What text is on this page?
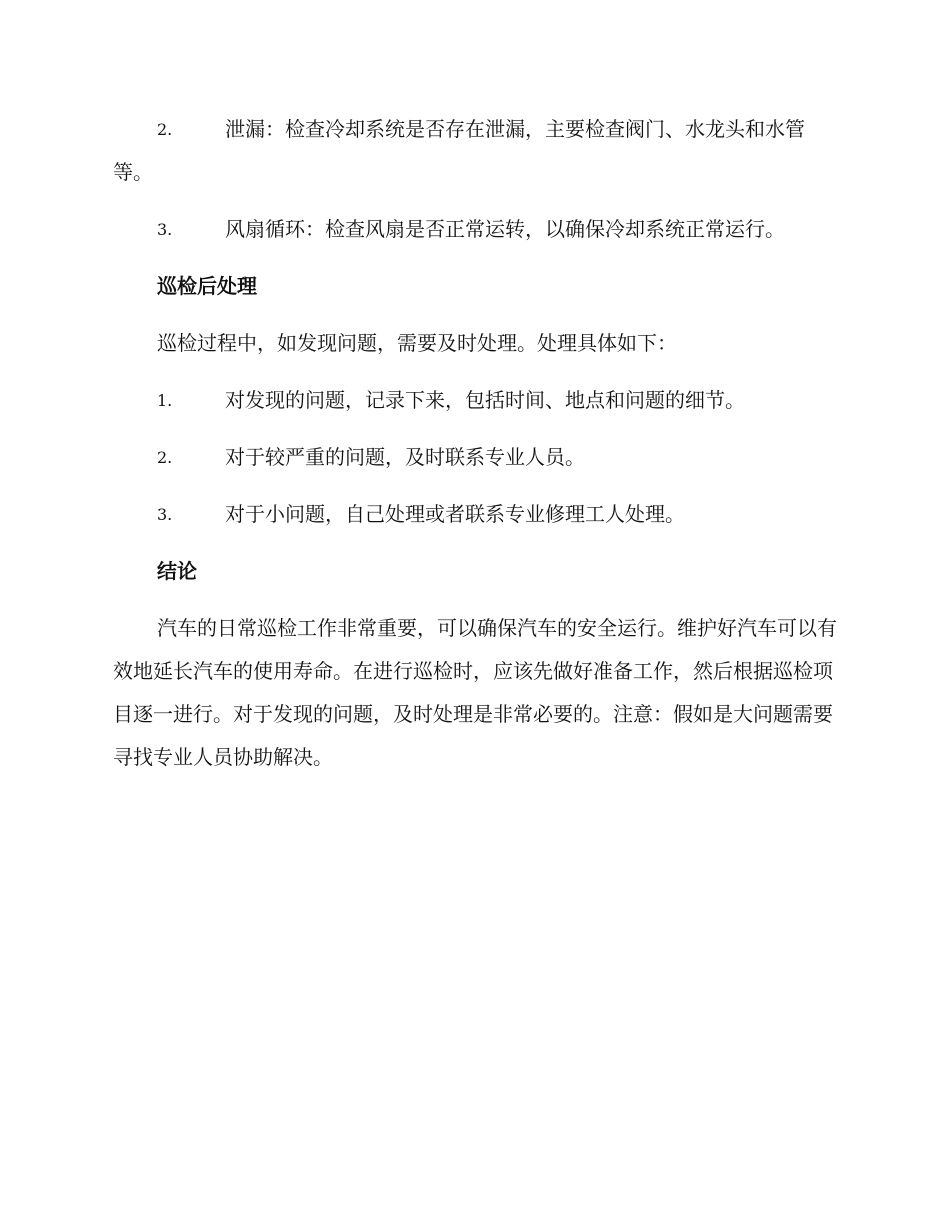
2.	泄漏：检查冷却系统是否存在泄漏，主要检查阀门、水龙头和水管等。
3.	风扇循环：检查风扇是否正常运转，以确保冷却系统正常运行。
巡检后处理
巡检过程中，如发现问题，需要及时处理。处理具体如下：
1.	对发现的问题，记录下来，包括时间、地点和问题的细节。
2.	对于较严重的问题，及时联系专业人员。
3.	对于小问题，自己处理或者联系专业修理工人处理。
结论
汽车的日常巡检工作非常重要，可以确保汽车的安全运行。维护好汽车可以有效地延长汽车的使用寿命。在进行巡检时，应该先做好准备工作，然后根据巡检项目逐一进行。对于发现的问题，及时处理是非常必要的。注意：假如是大问题需要寻找专业人员协助解决。
